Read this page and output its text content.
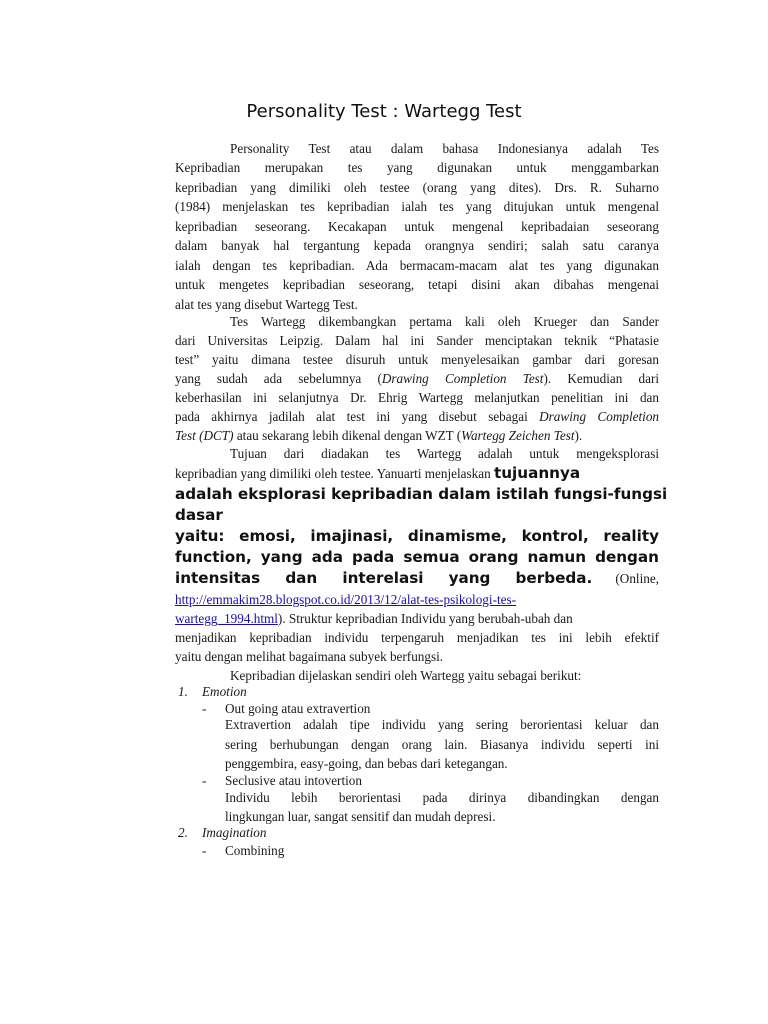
Personality Test : Wartegg Test
Personality Test atau dalam bahasa Indonesianya adalah Tes
Kepribadian merupakan tes yang digunakan untuk menggambarkan
kepribadian yang dimiliki oleh testee (orang yang dites). Drs. R. Suharno
(1984) menjelaskan tes kepribadian ialah tes yang ditujukan untuk mengenal
kepribadian seseorang. Kecakapan untuk mengenal kepribadaian seseorang
dalam banyak hal tergantung kepada orangnya sendiri; salah satu caranya
ialah dengan tes kepribadian. Ada bermacam-macam alat tes yang digunakan
untuk mengetes kepribadian seseorang, tetapi disini akan dibahas mengenai
alat tes yang disebut Wartegg Test.
Tes Wartegg dikembangkan pertama kali oleh Krueger dan Sander
dari Universitas Leipzig. Dalam hal ini Sander menciptakan teknik “Phatasie
test” yaitu dimana testee disuruh untuk menyelesaikan gambar dari goresan
yang sudah ada sebelumnya (Drawing Completion Test). Kemudian dari
keberhasilan ini selanjutnya Dr. Ehrig Wartegg melanjutkan penelitian ini dan
pada akhirnya jadilah alat test ini yang disebut sebagai Drawing Completion
Test (DCT) atau sekarang lebih dikenal dengan WZT (Wartegg Zeichen Test).
Tujuan dari diadakan tes Wartegg adalah untuk mengeksplorasi
kepribadian yang dimiliki oleh testee. Yanuarti menjelaskan tujuannya
adalah eksplorasi kepribadian dalam istilah fungsi-fungsi
dasar
yaitu: emosi, imajinasi, dinamisme, kontrol, reality
function, yang ada pada semua orang namun dengan
intensitas dan interelasi yang berbeda. (Online,
http://emmakim28.blogspot.co.id/2013/12/alat-tes-psikologi-tes-
wartegg_1994.html). Struktur kepribadian Individu yang berubah-ubah dan
menjadikan kepribadian individu terpengaruh menjadikan tes ini lebih efektif
yaitu dengan melihat bagaimana subyek berfungsi.
Kepribadian dijelaskan sendiri oleh Wartegg yaitu sebagai berikut:
1. Emotion
- Out going atau extravertion
Extravertion adalah tipe individu yang sering berorientasi keluar dan
sering berhubungan dengan orang lain. Biasanya individu seperti ini
penggembira, easy-going, dan bebas dari ketegangan.
- Seclusive atau intovertion
Individu lebih berorientasi pada dirinya dibandingkan dengan
lingkungan luar, sangat sensitif dan mudah depresi.
2. Imagination
- Combining
